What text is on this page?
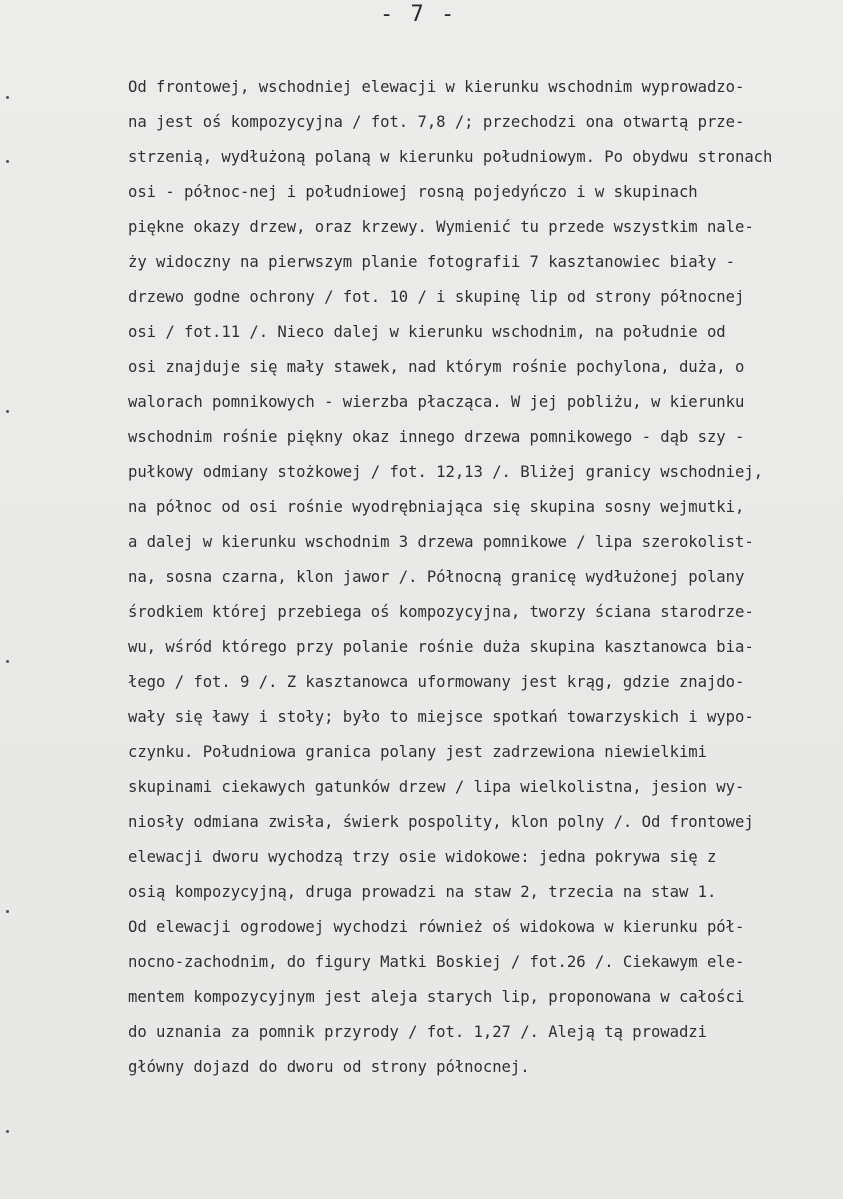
- 7 -
Od frontowej, wschodniej elewacji w kierunku wschodnim wyprowadzo-
na jest oś kompozycyjna / fot. 7,8 /; przechodzi ona otwartą prze-
strzenią, wydłużoną polaną w kierunku południowym. Po obydwu stronach
osi - północ-nej i południowej rosną pojedyńczo i w skupinach
piękne okazy drzew, oraz krzewy. Wymienić tu przede wszystkim nale-
ży widoczny na pierwszym planie fotografii 7 kasztanowiec biały -
drzewo godne ochrony / fot. 10 / i skupinę lip od strony północnej
osi / fot.11 /. Nieco dalej w kierunku wschodnim, na południe od
osi znajduje się mały stawek, nad którym rośnie pochylona, duża, o
walorach pomnikowych - wierzba płacząca. W jej pobliżu, w kierunku
wschodnim rośnie piękny okaz innego drzewa pomnikowego - dąb szy -
pułkowy odmiany stożkowej / fot. 12,13 /. Bliżej granicy wschodniej,
na północ od osi rośnie wyodrębniająca się skupina sosny wejmutki,
a dalej w kierunku wschodnim 3 drzewa pomnikowe / lipa szerokolist-
na, sosna czarna, klon jawor /. Północną granicę wydłużonej polany
środkiem której przebiega oś kompozycyjna, tworzy ściana starodrze-
wu, wśród którego przy polanie rośnie duża skupina kasztanowca bia-
łego / fot. 9 /. Z kasztanowca uformowany jest krąg, gdzie znajdo-
wały się ławy i stoły; było to miejsce spotkań towarzyskich i wypo-
czynku. Południowa granica polany jest zadrzewiona niewielkimi
skupinami ciekawych gatunków drzew / lipa wielkolistna, jesion wy-
niosły odmiana zwisła, świerk pospolity, klon polny /. Od frontowej
elewacji dworu wychodzą trzy osie widokowe: jedna pokrywa się z
osią kompozycyjną, druga prowadzi na staw 2, trzecia na staw 1.
Od elewacji ogrodowej wychodzi również oś widokowa w kierunku pół-
nocno-zachodnim, do figury Matki Boskiej / fot.26 /. Ciekawym ele-
mentem kompozycyjnym jest aleja starych lip, proponowana w całości
do uznania za pomnik przyrody / fot. 1,27 /. Aleją tą prowadzi
główny dojazd do dworu od strony północnej.
